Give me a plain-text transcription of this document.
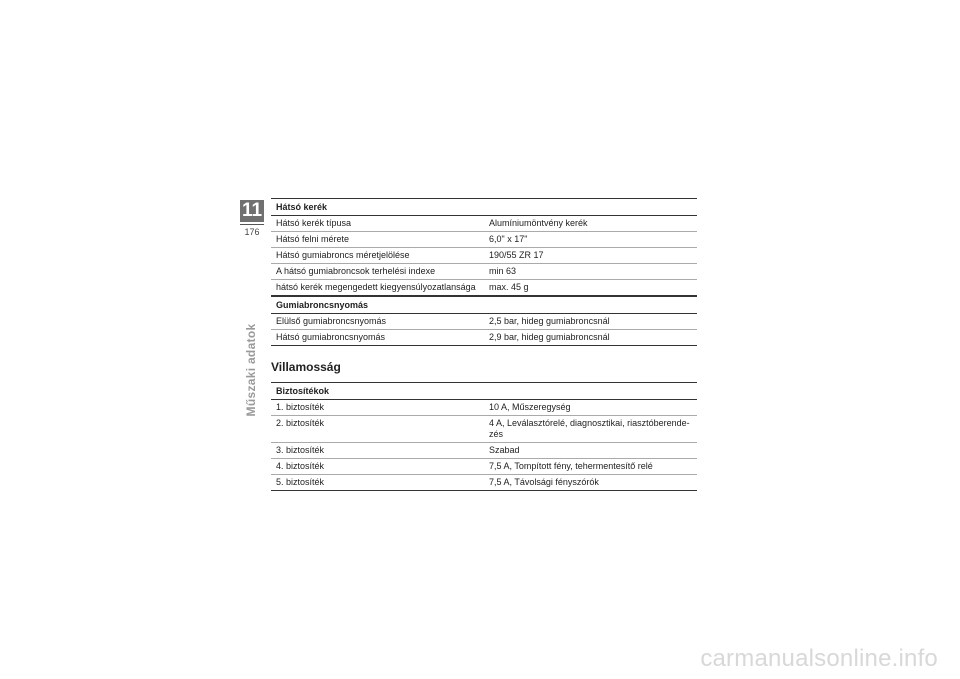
11
176
Műszaki adatok
Hátsó kerék	
Hátsó kerék típusa	Alumíniumöntvény kerék
Hátsó felni mérete	6,0" x 17"
Hátsó gumiabroncs méretjelölése	190/55 ZR 17
A hátsó gumiabroncsok terhelési indexe	min 63
hátsó kerék megengedett kiegyensúlyozatlansága	max. 45 g
Gumiabroncsnyomás	
Elülső gumiabroncsnyomás	2,5 bar, hideg gumiabroncsnál
Hátsó gumiabroncsnyomás	2,9 bar, hideg gumiabroncsnál
Villamosság
Biztosítékok	
1. biztosíték	10 A, Műszeregység
2. biztosíték	4 A, Leválasztórelé, diagnosztikai, riasztóberende-zés
3. biztosíték	Szabad
4. biztosíték	7,5 A, Tompított fény, tehermentesítő relé
5. biztosíték	7,5 A, Távolsági fényszórók
carmanualsonline.info
